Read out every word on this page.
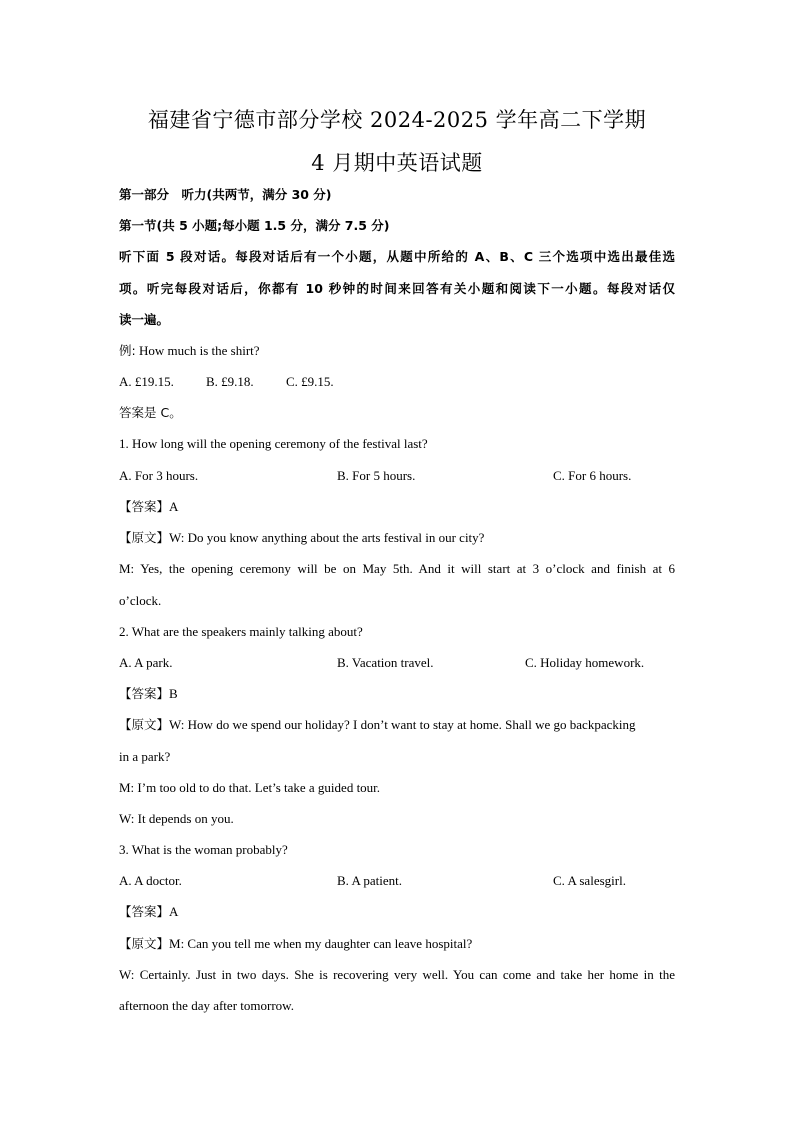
福建省宁德市部分学校 2024-2025 学年高二下学期
4 月期中英语试题
第一部分　听力(共两节，满分 30 分)
第一节(共 5 小题;每小题 1.5 分，满分 7.5 分)
听下面 5 段对话。每段对话后有一个小题，从题中所给的 A、B、C 三个选项中选出最佳选
项。听完每段对话后，你都有 10 秒钟的时间来回答有关小题和阅读下一小题。每段对话仅
读一遍。
例: How much is the shirt?
A. £19.15. B. £9.18. C. £9.15.
答案是 C。
1. How long will the opening ceremony of the festival last?
A. For 3 hours.	B. For 5 hours.	C. For 6 hours.
【答案】A
【原文】W: Do you know anything about the arts festival in our city?
M: Yes, the opening ceremony will be on May 5th. And it will start at 3 o’clock and finish at 6
o’clock.
2. What are the speakers mainly talking about?
A. A park.	B. Vacation travel.	C. Holiday homework.
【答案】B
【原文】W: How do we spend our holiday? I don’t want to stay at home. Shall we go backpacking
in a park?
M: I’m too old to do that. Let’s take a guided tour.
W: It depends on you.
3. What is the woman probably?
A. A doctor.	B. A patient.	C. A salesgirl.
【答案】A
【原文】M: Can you tell me when my daughter can leave hospital?
W: Certainly. Just in two days. She is recovering very well. You can come and take her home in the
afternoon the day after tomorrow.
